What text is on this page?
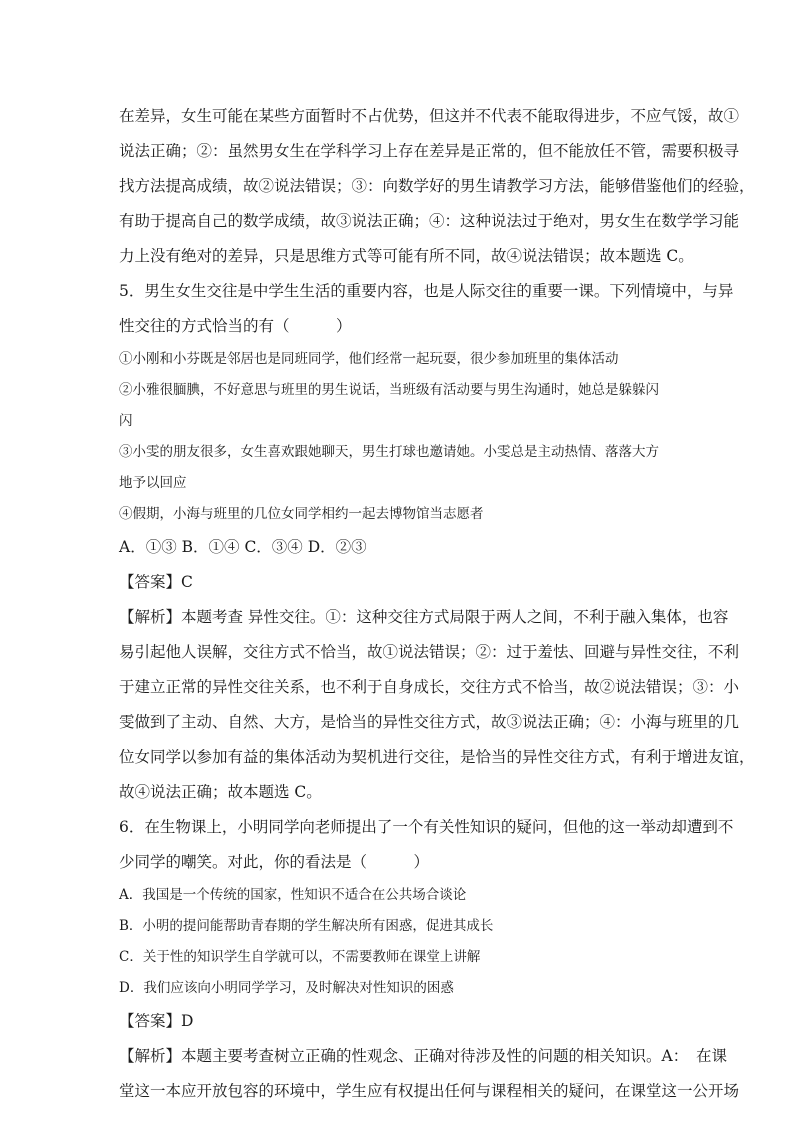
在差异，女生可能在某些方面暂时不占优势，但这并不代表不能取得进步，不应气馁，故①
说法正确；②：虽然男女生在学科学习上存在差异是正常的，但不能放任不管，需要积极寻
找方法提高成绩，故②说法错误；③：向数学好的男生请教学习方法，能够借鉴他们的经验，
有助于提高自己的数学成绩，故③说法正确；④：这种说法过于绝对，男女生在数学学习能
力上没有绝对的差异，只是思维方式等可能有所不同，故④说法错误；故本题选 C。
5．男生女生交往是中学生生活的重要内容，也是人际交往的重要一课。下列情境中，与异
性交往的方式恰当的有（　　　）
①小刚和小芬既是邻居也是同班同学，他们经常一起玩耍，很少参加班里的集体活动
②小雅很腼腆，不好意思与班里的男生说话，当班级有活动要与男生沟通时，她总是躲躲闪
闪
③小雯的朋友很多，女生喜欢跟她聊天，男生打球也邀请她。小雯总是主动热情、落落大方
地予以回应
④假期，小海与班里的几位女同学相约一起去博物馆当志愿者
A．①③ B．①④ C．③④ D．②③
【答案】C
【解析】本题考查 异性交往。①：这种交往方式局限于两人之间，不利于融入集体，也容
易引起他人误解，交往方式不恰当，故①说法错误；②：过于羞怯、回避与异性交往，不利
于建立正常的异性交往关系，也不利于自身成长，交往方式不恰当，故②说法错误；③：小
雯做到了主动、自然、大方，是恰当的异性交往方式，故③说法正确；④：小海与班里的几
位女同学以参加有益的集体活动为契机进行交往，是恰当的异性交往方式，有利于增进友谊，
故④说法正确；故本题选 C。
6．在生物课上，小明同学向老师提出了一个有关性知识的疑问，但他的这一举动却遭到不
少同学的嘲笑。对此，你的看法是（　　　）
A．我国是一个传统的国家，性知识不适合在公共场合谈论
B．小明的提问能帮助青春期的学生解决所有困惑，促进其成长
C．关于性的知识学生自学就可以，不需要教师在课堂上讲解
D．我们应该向小明同学学习，及时解决对性知识的困惑
【答案】D
【解析】本题主要考查树立正确的性观念、正确对待涉及性的问题的相关知识。A：　在课
堂这一本应开放包容的环境中，学生应有权提出任何与课程相关的疑问，在课堂这一公开场
